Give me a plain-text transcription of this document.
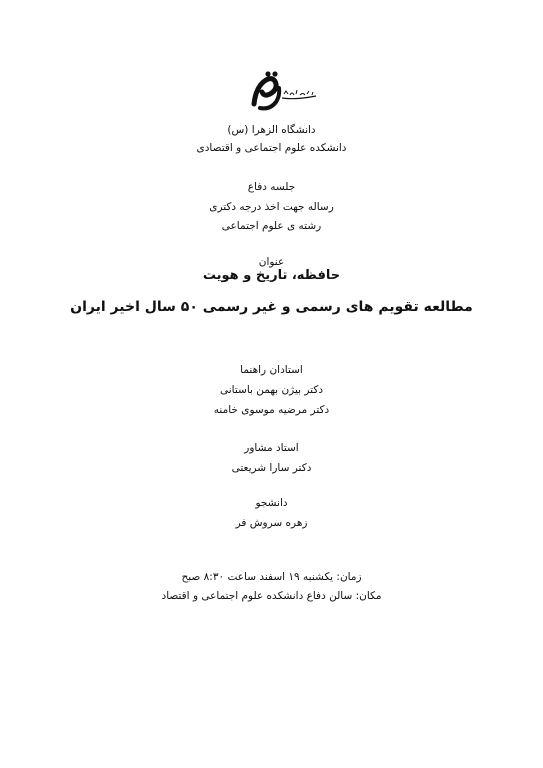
دانشگاه الزهرا (س)
دانشکده علوم اجتماعی و اقتصادی
جلسه دفاع
رساله جهت اخذ درجه دکتری
رشته ی علوم اجتماعی
عنوان
حافظه، تاریخ و هویت
مطالعه تقویم های رسمی و غیر رسمی ۵۰ سال اخیر ایران
استادان راهنما
دکتر بیژن بهمن باستانی
دکتر مرضیه موسوی خامنه
استاد مشاور
دکتر سارا شریعتی
دانشجو
زهره سروش فر
زمان: یکشنبه ۱۹ اسفند ساعت ۸:۳۰ صبح
مکان: سالن دفاع دانشکده علوم اجتماعی و اقتصاد
